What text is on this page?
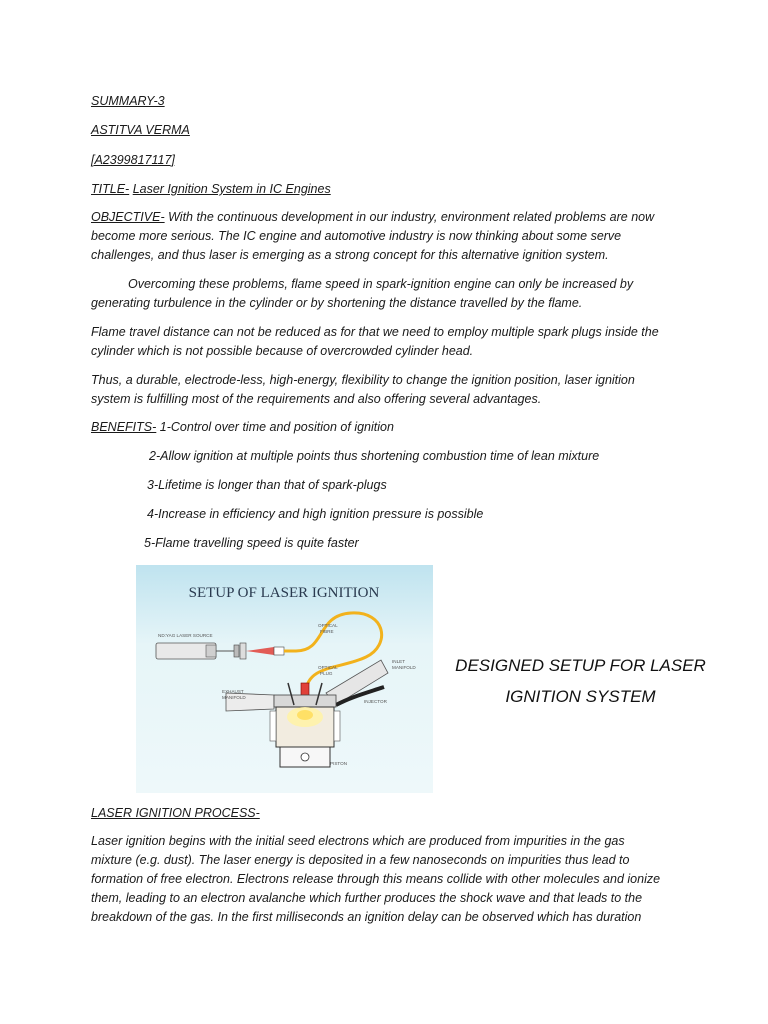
SUMMARY-3
ASTITVA VERMA
[A2399817117]
TITLE- Laser Ignition System in IC Engines

OBJECTIVE- With the continuous development in our industry, environment related problems are now

become more serious. The IC engine and automotive industry is now thinking about some serve

challenges, and thus laser is emerging as a strong concept for this alternative ignition system.

Overcoming these problems, flame speed in spark-ignition engine can only be increased by

generating turbulence in the cylinder or by shortening the distance travelled by the flame.

Flame travel distance can not be reduced as for that we need to employ multiple spark plugs inside the

cylinder which is not possible because of overcrowded cylinder head.

Thus, a durable, electrode-less, high-energy, flexibility to change the ignition position, laser ignition

system is fulfilling most of the requirements and also offering several advantages.

BENEFITS- 1-Control over time and position of ignition
2-Allow ignition at multiple points thus shortening combustion time of lean mixture
3-Lifetime is longer than that of spark-plugs
4-Increase in efficiency and high ignition pressure is possible
5-Flame travelling speed is quite faster
SETUP OF LASER IGNITION
ND:YAG LASER SOURCE
OPTICAL
FIBRE
INLET
MANIFOLD
INJECTOR
OPTICAL
PLUG
EXHAUST
MANIFOLD
PISTON
DESIGNED SETUP FOR LASER
IGNITION SYSTEM
LASER IGNITION PROCESS-

Laser ignition begins with the initial seed electrons which are produced from impurities in the gas

mixture (e.g. dust). The laser energy is deposited in a few nanoseconds on impurities thus lead to

formation of free electron. Electrons release through this means collide with other molecules and ionize

them, leading to an electron avalanche which further produces the shock wave and that leads to the

breakdown of the gas. In the first milliseconds an ignition delay can be observed which has duration
